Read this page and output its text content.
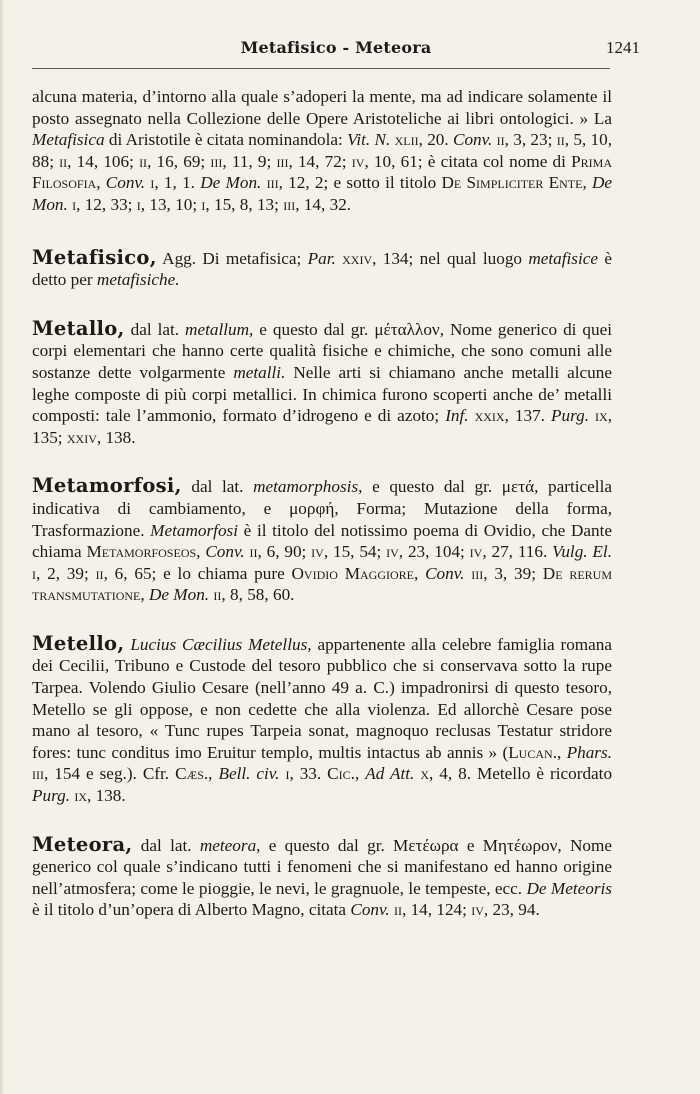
Metafisico - Meteora	1241

alcuna materia, d’intorno alla quale s’adoperi la mente, ma ad indicare solamente il posto assegnato nella Collezione delle Opere Aristoteliche ai libri ontologici. » La Metafisica di Aristotile è citata nominandola: Vit. N. xlii, 20. Conv. ii, 3, 23; ii, 5, 10, 88; ii, 14, 106; ii, 16, 69; iii, 11, 9; iii, 14, 72; iv, 10, 61; è citata col nome di Prima Filosofia, Conv. i, 1, 1. De Mon. iii, 12, 2; e sotto il titolo De Simpliciter Ente, De Mon. i, 12, 33; i, 13, 10; i, 15, 8, 13; iii, 14, 32.

Metafisico, Agg. Di metafisica; Par. xxiv, 134; nel qual luogo metafisice è detto per metafisiche.

Metallo, dal lat. metallum, e questo dal gr. μέταλλον, Nome generico di quei corpi elementari che hanno certe qualità fisiche e chimiche, che sono comuni alle sostanze dette volgarmente metalli. Nelle arti si chiamano anche metalli alcune leghe composte di più corpi metallici. In chimica furono scoperti anche de’ metalli composti: tale l’ammonio, formato d’idrogeno e di azoto; Inf. xxix, 137. Purg. ix, 135; xxiv, 138.

Metamorfosi, dal lat. metamorphosis, e questo dal gr. μετά, particella indicativa di cambiamento, e μορφή, Forma; Mutazione della forma, Trasformazione. Metamorfosi è il titolo del notissimo poema di Ovidio, che Dante chiama Metamorfoseos, Conv. ii, 6, 90; iv, 15, 54; iv, 23, 104; iv, 27, 116. Vulg. El. i, 2, 39; ii, 6, 65; e lo chiama pure Ovidio Maggiore, Conv. iii, 3, 39; De rerum transmutatione, De Mon. ii, 8, 58, 60.

Metello, Lucius Cæcilius Metellus, appartenente alla celebre famiglia romana dei Cecilii, Tribuno e Custode del tesoro pubblico che si conservava sotto la rupe Tarpea. Volendo Giulio Cesare (nell’anno 49 a. C.) impadronirsi di questo tesoro, Metello se gli oppose, e non cedette che alla violenza. Ed allorchè Cesare pose mano al tesoro, « Tunc rupes Tarpeia sonat, magnoquo reclusas Testatur stridore fores: tunc conditus imo Eruitur templo, multis intactus ab annis » (Lucan., Phars. iii, 154 e seg.). Cfr. Cæs., Bell. civ. i, 33. Cic., Ad Att. x, 4, 8. Metello è ricordato Purg. ix, 138.

Meteora, dal lat. meteora, e questo dal gr. Μετέωρα e Μητέωρον, Nome generico col quale s’indicano tutti i fenomeni che si manifestano ed hanno origine nell’atmosfera; come le pioggie, le nevi, le gragnuole, le tempeste, ecc. De Meteoris è il titolo d’un’opera di Alberto Magno, citata Conv. ii, 14, 124; iv, 23, 94.
